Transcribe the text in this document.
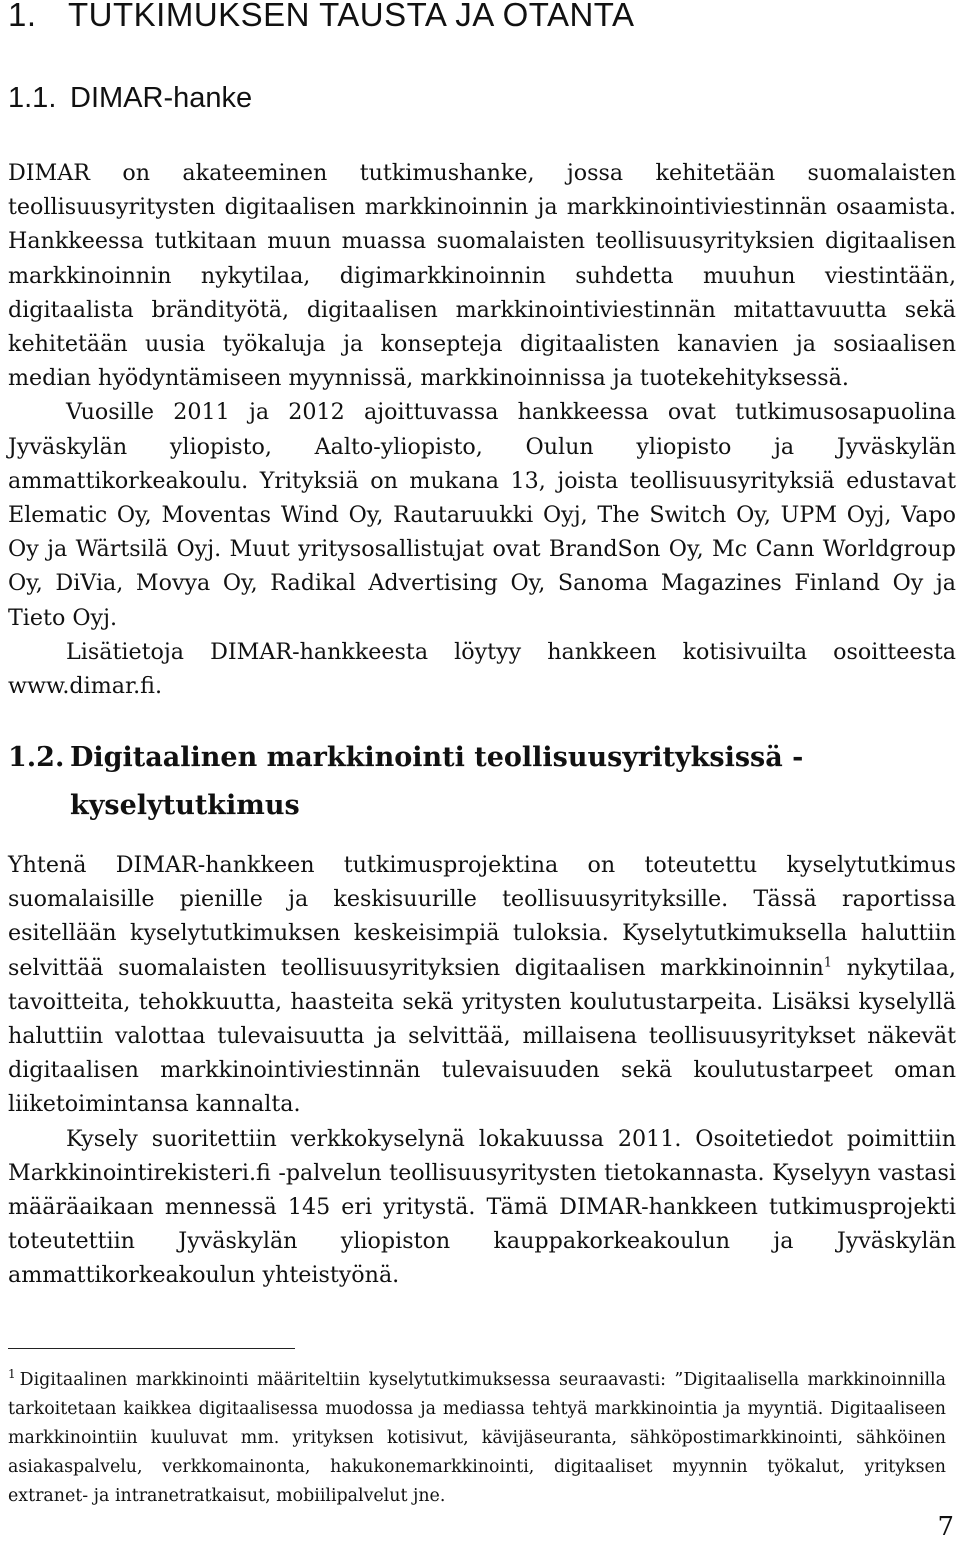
1. TUTKIMUKSEN TAUSTA JA OTANTA
1.1. DIMAR-hanke

DIMAR on akateeminen tutkimushanke, jossa kehitetään suomalaisten teollisuusyritysten digitaalisen markkinoinnin ja markkinointiviestinnän osaamista. Hankkeessa tutkitaan muun muassa suomalaisten teollisuusyrityksien digitaalisen markkinoinnin nykytilaa, digimarkkinoinnin suhdetta muuhun viestintään, digitaalista brändityötä, digitaalisen markkinointiviestinnän mitattavuutta sekä kehitetään uusia työkaluja ja konsepteja digitaalisten kanavien ja sosiaalisen median hyödyntämiseen myynnissä, markkinoinnissa ja tuotekehityksessä.

Vuosille 2011 ja 2012 ajoittuvassa hankkeessa ovat tutkimusosapuolina Jyväskylän yliopisto, Aalto-yliopisto, Oulun yliopisto ja Jyväskylän ammattikorkeakoulu. Yrityksiä on mukana 13, joista teollisuusyrityksiä edustavat Elematic Oy, Moventas Wind Oy, Rautaruukki Oyj, The Switch Oy, UPM Oyj, Vapo Oy ja Wärtsilä Oyj. Muut yritysosallistujat ovat BrandSon Oy, Mc Cann Worldgroup Oy, DiVia, Movya Oy, Radikal Advertising Oy, Sanoma Magazines Finland Oy ja Tieto Oyj.

Lisätietoja DIMAR-hankkeesta löytyy hankkeen kotisivuilta osoitteesta www.dimar.fi.

1.2. Digitaalinen markkinointi teollisuusyrityksissä -
kyselytutkimus

Yhtenä DIMAR-hankkeen tutkimusprojektina on toteutettu kyselytutkimus suomalaisille pienille ja keskisuurille teollisuusyrityksille. Tässä raportissa esitellään kyselytutkimuksen keskeisimpiä tuloksia. Kyselytutkimuksella haluttiin selvittää suomalaisten teollisuusyrityksien digitaalisen markkinoinnin$^1$ nykytilaa, tavoitteita, tehokkuutta, haasteita sekä yritysten koulutustarpeita. Lisäksi kyselyllä haluttiin valottaa tulevaisuutta ja selvittää, millaisena teollisuusyritykset näkevät digitaalisen markkinointiviestinnän tulevaisuuden sekä koulutustarpeet oman liiketoimintansa kannalta.

Kysely suoritettiin verkkokyselynä lokakuussa 2011. Osoitetiedot poimittiin Markkinointirekisteri.fi -palvelun teollisuusyritysten tietokannasta. Kyselyyn vastasi määräaikaan mennessä 145 eri yritystä. Tämä DIMAR-hankkeen tutkimusprojekti toteutettiin Jyväskylän yliopiston kauppakorkeakoulun ja Jyväskylän ammattikorkeakoulun yhteistyönä.

$^1$ Digitaalinen markkinointi määriteltiin kyselytutkimuksessa seuraavasti: ”Digitaalisella markkinoinnilla tarkoitetaan kaikkea digitaalisessa muodossa ja mediassa tehtyä markkinointia ja myyntiä. Digitaaliseen markkinointiin kuuluvat mm. yrityksen kotisivut, kävijäseuranta, sähköpostimarkkinointi, sähköinen asiakaspalvelu, verkkomainonta, hakukonemarkkinointi, digitaaliset myynnin työkalut, yrityksen extranet- ja intranetratkaisut, mobiilipalvelut jne.

7
